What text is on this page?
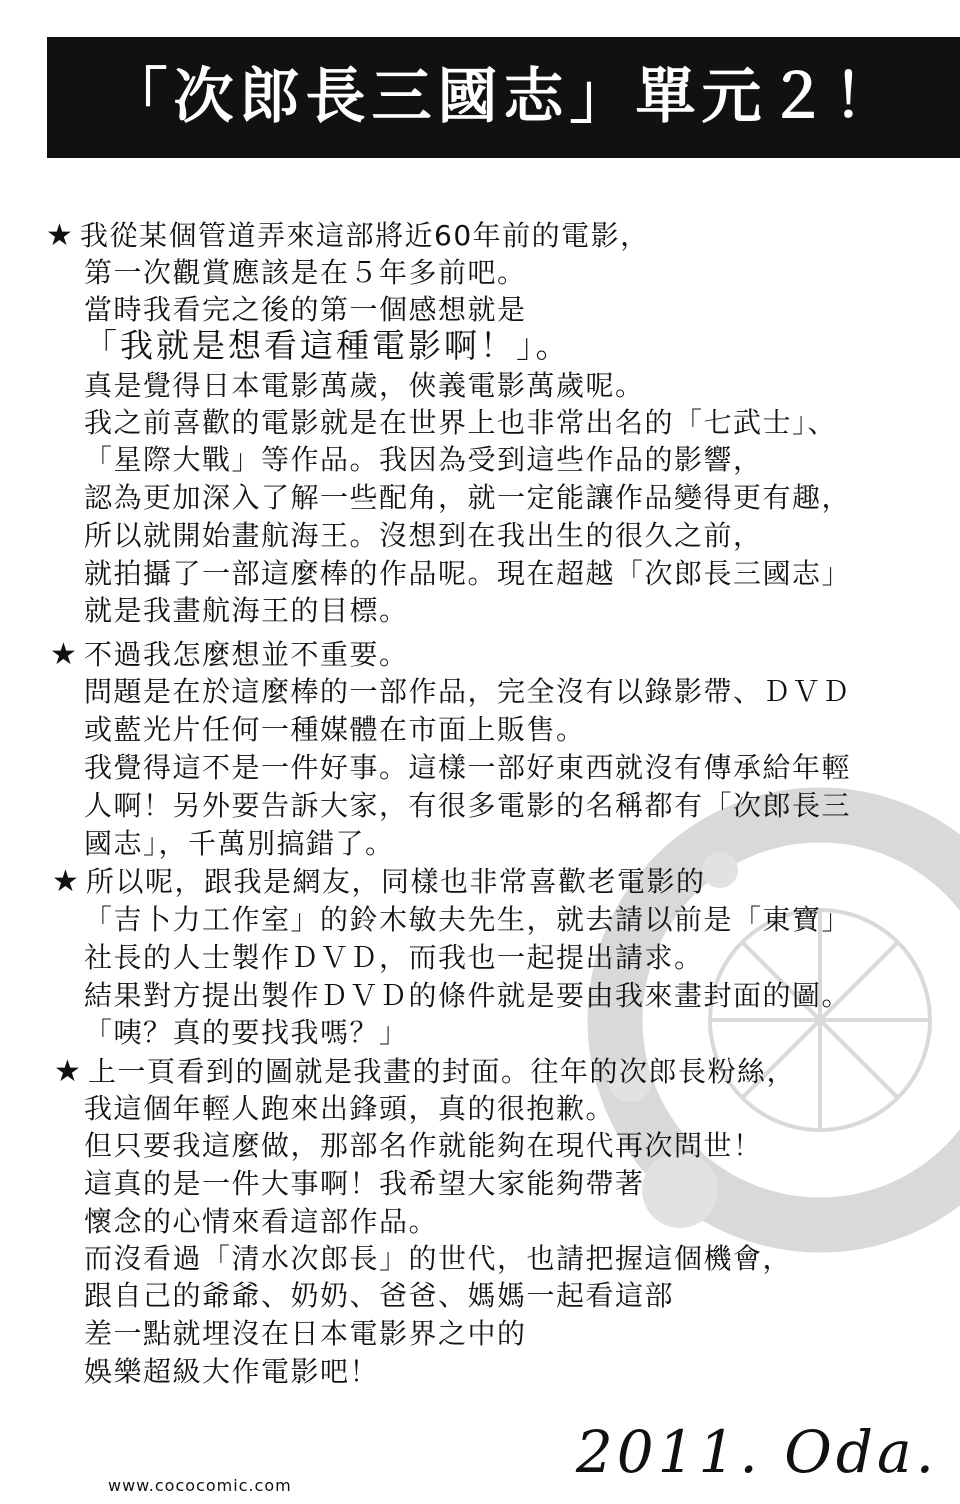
「次郎長三國志」單元２！
★ 我從某個管道弄來這部將近60年前的電影，
第一次觀賞應該是在５年多前吧。
當時我看完之後的第一個感想就是
「我就是想看這種電影啊！」。
真是覺得日本電影萬歲，俠義電影萬歲呢。
我之前喜歡的電影就是在世界上也非常出名的「七武士」、
「星際大戰」等作品。我因為受到這些作品的影響，
認為更加深入了解一些配角，就一定能讓作品變得更有趣，
所以就開始畫航海王。沒想到在我出生的很久之前，
就拍攝了一部這麼棒的作品呢。現在超越「次郎長三國志」
就是我畫航海王的目標。
★ 不過我怎麼想並不重要。
問題是在於這麼棒的一部作品，完全沒有以錄影帶、ＤＶＤ
或藍光片任何一種媒體在市面上販售。
我覺得這不是一件好事。這樣一部好東西就沒有傳承給年輕
人啊！另外要告訴大家，有很多電影的名稱都有「次郎長三
國志」，千萬別搞錯了。
★ 所以呢，跟我是網友，同樣也非常喜歡老電影的
「吉卜力工作室」的鈴木敏夫先生，就去請以前是「東寶」
社長的人士製作ＤＶＤ，而我也一起提出請求。
結果對方提出製作ＤＶＤ的條件就是要由我來畫封面的圖。
「咦？真的要找我嗎？」
★ 上一頁看到的圖就是我畫的封面。往年的次郎長粉絲，
我這個年輕人跑來出鋒頭，真的很抱歉。
但只要我這麼做，那部名作就能夠在現代再次問世！
這真的是一件大事啊！我希望大家能夠帶著
懷念的心情來看這部作品。
而沒看過「清水次郎長」的世代，也請把握這個機會，
跟自己的爺爺、奶奶、爸爸、媽媽一起看這部
差一點就埋沒在日本電影界之中的
娛樂超級大作電影吧！
2011. Oda.
www.cococomic.com
